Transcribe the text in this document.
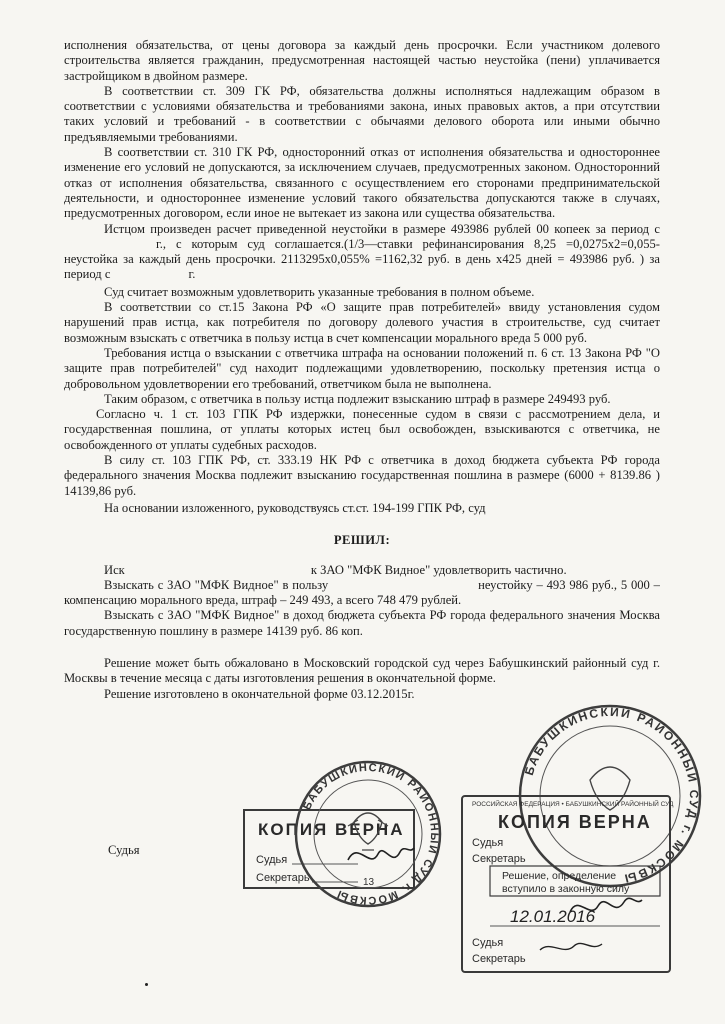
исполнения обязательства, от цены договора за каждый день просрочки. Если участником долевого строительства является гражданин, предусмотренная настоящей частью неустойка (пени) уплачивается застройщиком в двойном размере.

В соответствии ст. 309 ГК РФ, обязательства должны исполняться надлежащим образом в соответствии с условиями обязательства и требованиями закона, иных правовых актов, а при отсутствии таких условий и требований - в соответствии с обычаями делового оборота или иными обычно предъявляемыми требованиями.

В соответствии ст. 310 ГК РФ, односторонний отказ от исполнения обязательства и одностороннее изменение его условий не допускаются, за исключением случаев, предусмотренных законом. Односторонний отказ от исполнения обязательства, связанного с осуществлением его сторонами предпринимательской деятельности, и одностороннее изменение условий такого обязательства допускаются также в случаях, предусмотренных договором, если иное не вытекает из закона или существа обязательства.

Истцом произведен расчет приведенной неустойки в размере 493986 рублей 00 копеек за период сг., с которым суд соглашается.(1/3—ставки рефинансирования 8,25 =0,0275х2=0,055-неустойка за каждый день просрочки. 2113295х0,055% =1162,32 руб. в день х425 дней = 493986 руб. ) за период с	г.

Суд считает возможным удовлетворить указанные требования в полном объеме.

В соответствии со ст.15 Закона РФ «О защите прав потребителей» ввиду установления судом нарушений прав истца, как потребителя по договору долевого участия в строительстве, суд считает возможным взыскать с ответчика в пользу истца в счет компенсации морального вреда 5 000 руб.

Требования истца о взыскании с ответчика штрафа на основании положений п. 6 ст. 13 Закона РФ "О защите прав потребителей" суд находит подлежащими удовлетворению, поскольку претензия истца о добровольном удовлетворении его требований, ответчиком была не выполнена.

Таким образом, с ответчика в пользу истца подлежит взысканию штраф в размере 249493 руб.

Согласно ч. 1 ст. 103 ГПК РФ издержки, понесенные судом в связи с рассмотрением дела, и государственная пошлина, от уплаты которых истец был освобожден, взыскиваются с ответчика, не освобожденного от уплаты судебных расходов.

В силу ст. 103 ГПК РФ, ст. 333.19 НК РФ с ответчика в доход бюджета субъекта РФ города федерального значения Москва подлежит взысканию государственная пошлина в размере (6000 + 8139.86 ) 14139,86 руб.

На основании изложенного, руководствуясь ст.ст. 194-199 ГПК РФ, суд

РЕШИЛ:

Иск	к ЗАО "МФК Видное" удовлетворить частично.

Взыскать с ЗАО "МФК Видное" в пользу	неустойку – 493 986 руб., 5 000 – компенсацию морального вреда, штраф – 249 493, а всего 748 479 рублей.

Взыскать с ЗАО "МФК Видное" в доход бюджета субъекта РФ города федерального значения Москва государственную пошлину в размере 14139 руб. 86 коп.

Решение может быть обжаловано в Московский городской суд через Бабушкинский районный суд г. Москвы в течение месяца с даты изготовления решения в окончательной форме.

Решение изготовлено в окончательной форме 03.12.2015г.

Судья
КОПИЯ ВЕРНА
Судья
Секретарь
БАБУШКИНСКИЙ РАЙОННЫЙ СУД г. МОСКВЫ
13
БАБУШКИНСКИЙ РАЙОННЫЙ СУД г. МОСКВЫ
РОССИЙСКАЯ ФЕДЕРАЦИЯ • БАБУШКИНСКИЙ РАЙОННЫЙ СУД
КОПИЯ ВЕРНА
Судья
Секретарь
Решение, определение
вступило в законную силу
12.01.2016
Судья
Секретарь
